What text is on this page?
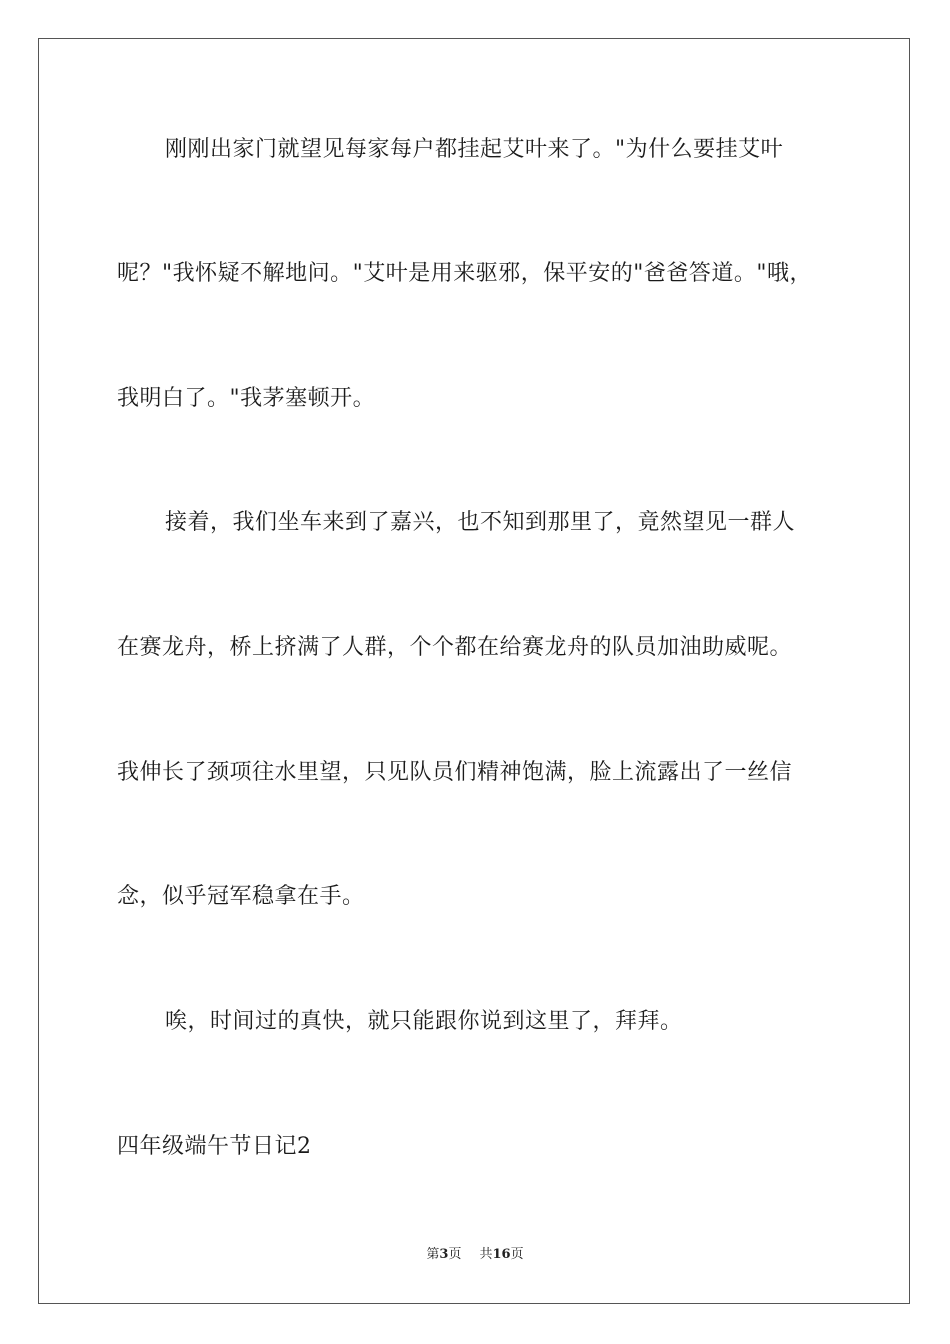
刚刚出家门就望见每家每户都挂起艾叶来了。"为什么要挂艾叶
呢？"我怀疑不解地问。"艾叶是用来驱邪，保平安的"爸爸答道。"哦，
我明白了。"我茅塞顿开。
接着，我们坐车来到了嘉兴，也不知到那里了，竟然望见一群人
在赛龙舟，桥上挤满了人群，个个都在给赛龙舟的队员加油助威呢。
我伸长了颈项往水里望，只见队员们精神饱满，脸上流露出了一丝信
念，似乎冠军稳拿在手。
唉，时间过的真快，就只能跟你说到这里了，拜拜。
四年级端午节日记2
第3页 共16页
